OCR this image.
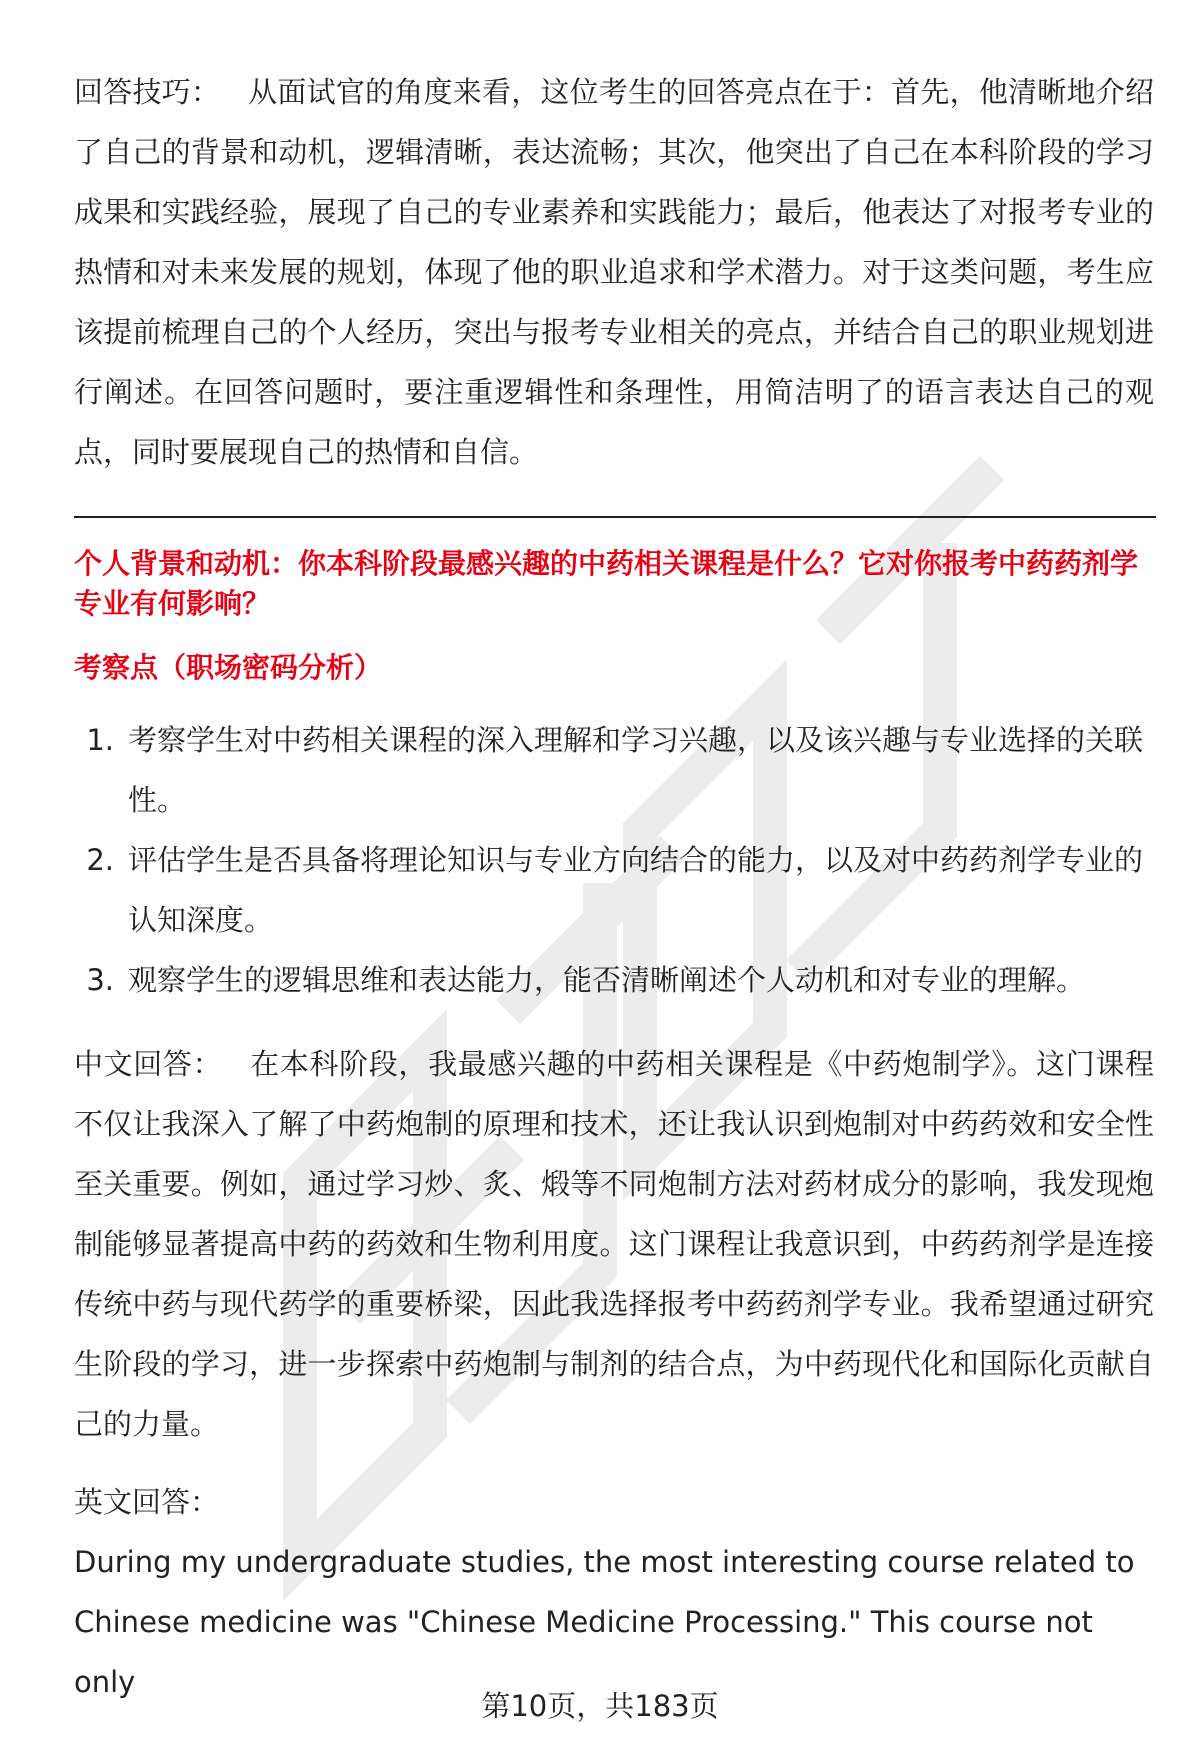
回答技巧： 从面试官的角度来看，这位考生的回答亮点在于：首先，他清晰地介绍了自己的背景和动机，逻辑清晰，表达流畅；其次，他突出了自己在本科阶段的学习成果和实践经验，展现了自己的专业素养和实践能力；最后，他表达了对报考专业的热情和对未来发展的规划，体现了他的职业追求和学术潜力。对于这类问题，考生应该提前梳理自己的个人经历，突出与报考专业相关的亮点，并结合自己的职业规划进行阐述。在回答问题时，要注重逻辑性和条理性，用简洁明了的语言表达自己的观点，同时要展现自己的热情和自信。

个人背景和动机：你本科阶段最感兴趣的中药相关课程是什么？它对你报考中药药剂学专业有何影响？

考察点（职场密码分析）

1. 考察学生对中药相关课程的深入理解和学习兴趣，以及该兴趣与专业选择的关联性。
2. 评估学生是否具备将理论知识与专业方向结合的能力，以及对中药药剂学专业的认知深度。
3. 观察学生的逻辑思维和表达能力，能否清晰阐述个人动机和对专业的理解。

中文回答： 在本科阶段，我最感兴趣的中药相关课程是《中药炮制学》。这门课程不仅让我深入了解了中药炮制的原理和技术，还让我认识到炮制对中药药效和安全性至关重要。例如，通过学习炒、炙、煅等不同炮制方法对药材成分的影响，我发现炮制能够显著提高中药的药效和生物利用度。这门课程让我意识到，中药药剂学是连接传统中药与现代药学的重要桥梁，因此我选择报考中药药剂学专业。我希望通过研究生阶段的学习，进一步探索中药炮制与制剂的结合点，为中药现代化和国际化贡献自己的力量。

英文回答：

During my undergraduate studies, the most interesting course related to

Chinese medicine was "Chinese Medicine Processing." This course not only

第10页，共183页
